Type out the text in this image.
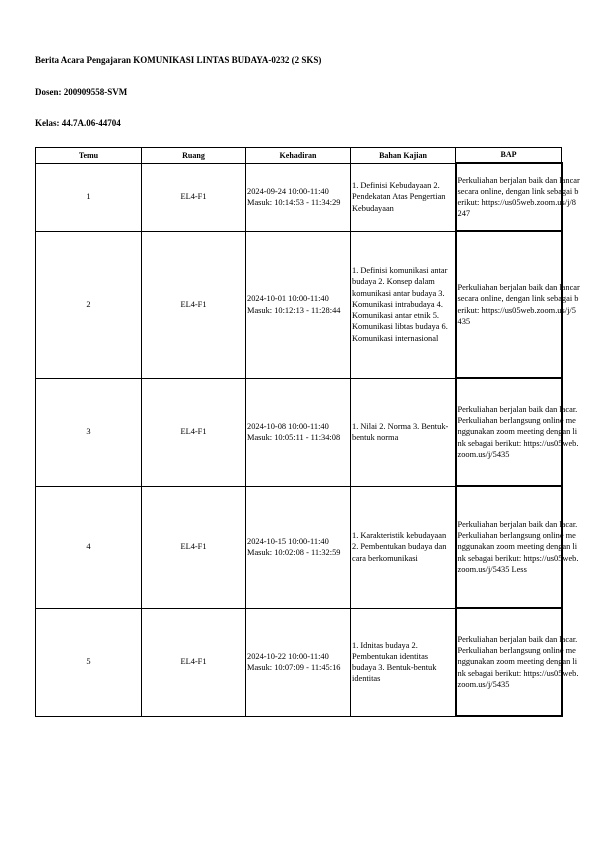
Berita Acara Pengajaran KOMUNIKASI LINTAS BUDAYA-0232 (2 SKS)
Dosen: 200909558-SVM
Kelas: 44.7A.06-44704
Temu	Ruang	Kehadiran	Bahan Kajian	BAP
1	EL4-F1	2024-09-24 10:00-11:40 Masuk: 10:14:53 - 11:34:29	1. Definisi Kebudayaan 2. Pendekatan Atas Pengertian Kebudayaan	Perkuliahan berjalan baik dan lancar secara online, dengan link sebagai berikut: https://us05web.zoom.us/j/8247

2	EL4-F1	2024-10-01 10:00-11:40 Masuk: 10:12:13 - 11:28:44	1. Definisi komunikasi antar budaya 2. Konsep dalam komunikasi antar budaya 3. Komunikasi intrabudaya 4. Komunikasi antar etnik 5. Komunikasi libtas budaya 6. Komunikasi internasional	Perkuliahan berjalan baik dan lancar secara online, dengan link sebagai berikut: https://us05web.zoom.us/j/5435

3	EL4-F1	2024-10-08 10:00-11:40 Masuk: 10:05:11 - 11:34:08	1. Nilai 2. Norma 3. Bentuk-bentuk norma	Perkuliahan berjalan baik dan lacar. Perkuliahan berlangsung online menggunakan zoom meeting dengan link sebagai berikut: https://us05web.zoom.us/j/5435

4	EL4-F1	2024-10-15 10:00-11:40 Masuk: 10:02:08 - 11:32:59	1. Karakteristik kebudayaan 2. Pembentukan budaya dan cara berkomunikasi	Perkuliahan berjalan baik dan lacar. Perkuliahan berlangsung online menggunakan zoom meeting dengan link sebagai berikut: https://us05web.zoom.us/j/5435 Less

5	EL4-F1	2024-10-22 10:00-11:40 Masuk: 10:07:09 - 11:45:16	1. Idnitas budaya 2. Pembentukan identitas budaya 3. Bentuk-bentuk identitas	Perkuliahan berjalan baik dan lacar. Perkuliahan berlangsung online menggunakan zoom meeting dengan link sebagai berikut: https://us05web.zoom.us/j/5435
